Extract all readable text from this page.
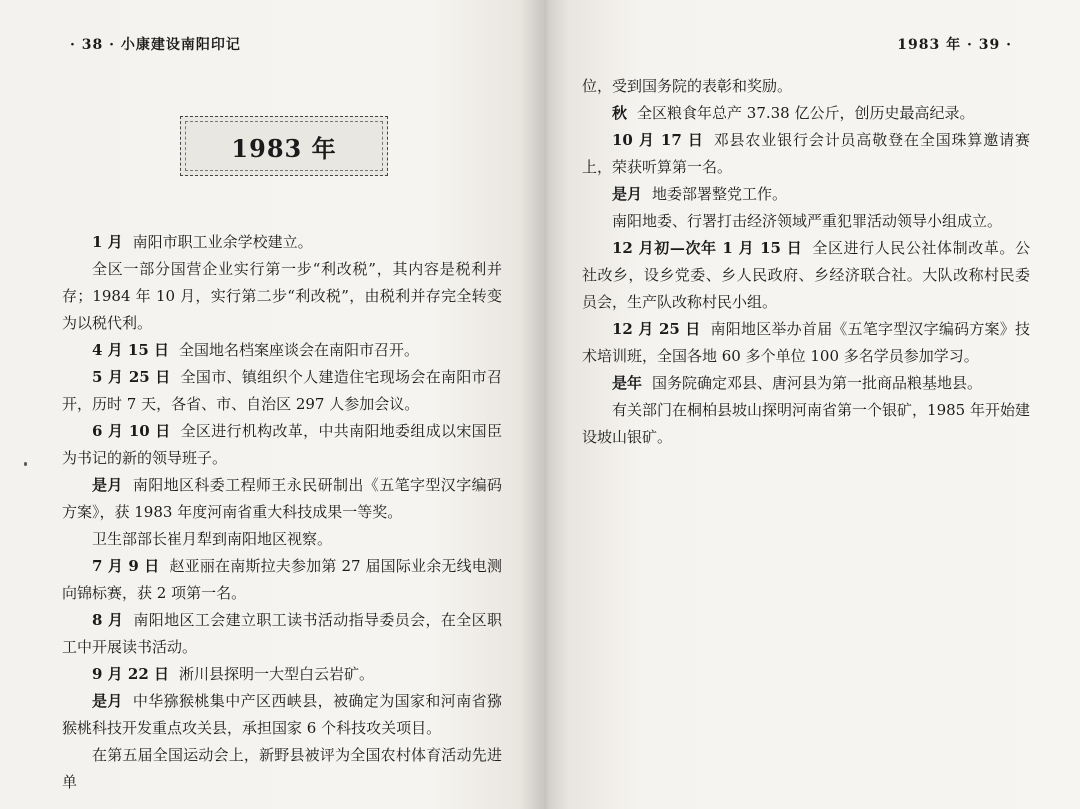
· 38 · 小康建设南阳印记
1983 年
1 月 南阳市职工业余学校建立。
全区一部分国营企业实行第一步“利改税”，其内容是税利并存；1984 年 10 月，实行第二步“利改税”，由税利并存完全转变为以税代利。
4 月 15 日 全国地名档案座谈会在南阳市召开。
5 月 25 日 全国市、镇组织个人建造住宅现场会在南阳市召开，历时 7 天，各省、市、自治区 297 人参加会议。
6 月 10 日 全区进行机构改革，中共南阳地委组成以宋国臣为书记的新的领导班子。
是月 南阳地区科委工程师王永民研制出《五笔字型汉字编码方案》，获 1983 年度河南省重大科技成果一等奖。
卫生部部长崔月犁到南阳地区视察。
7 月 9 日 赵亚丽在南斯拉夫参加第 27 届国际业余无线电测向锦标赛，获 2 项第一名。
8 月 南阳地区工会建立职工读书活动指导委员会，在全区职工中开展读书活动。
9 月 22 日 淅川县探明一大型白云岩矿。
是月 中华猕猴桃集中产区西峡县，被确定为国家和河南省猕猴桃科技开发重点攻关县，承担国家 6 个科技攻关项目。
在第五届全国运动会上，新野县被评为全国农村体育活动先进单
1983 年 · 39 ·
位，受到国务院的表彰和奖励。
秋 全区粮食年总产 37.38 亿公斤，创历史最高纪录。
10 月 17 日 邓县农业银行会计员高敬登在全国珠算邀请赛上，荣获听算第一名。
是月 地委部署整党工作。
南阳地委、行署打击经济领域严重犯罪活动领导小组成立。
12 月初—次年 1 月 15 日 全区进行人民公社体制改革。公社改乡，设乡党委、乡人民政府、乡经济联合社。大队改称村民委员会，生产队改称村民小组。
12 月 25 日 南阳地区举办首届《五笔字型汉字编码方案》技术培训班，全国各地 60 多个单位 100 多名学员参加学习。
是年 国务院确定邓县、唐河县为第一批商品粮基地县。
有关部门在桐柏县坡山探明河南省第一个银矿，1985 年开始建设坡山银矿。
